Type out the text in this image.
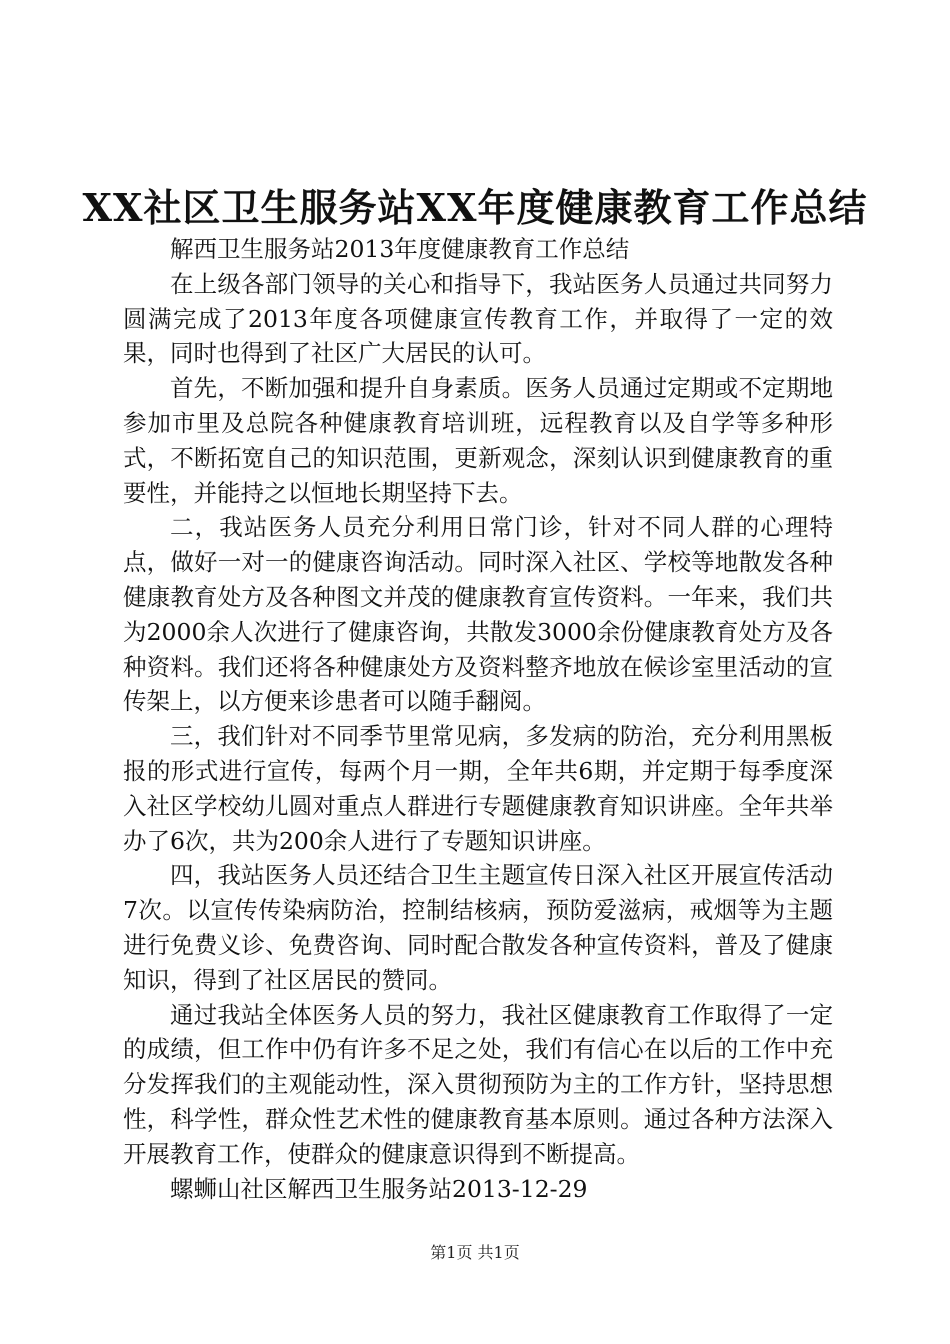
XX社区卫生服务站XX年度健康教育工作总结

解西卫生服务站2013年度健康教育工作总结

在上级各部门领导的关心和指导下，我站医务人员通过共同努力圆满完成了2013年度各项健康宣传教育工作，并取得了一定的效果，同时也得到了社区广大居民的认可。

首先，不断加强和提升自身素质。医务人员通过定期或不定期地参加市里及总院各种健康教育培训班，远程教育以及自学等多种形式，不断拓宽自己的知识范围，更新观念，深刻认识到健康教育的重要性，并能持之以恒地长期坚持下去。

二，我站医务人员充分利用日常门诊，针对不同人群的心理特点，做好一对一的健康咨询活动。同时深入社区、学校等地散发各种健康教育处方及各种图文并茂的健康教育宣传资料。一年来，我们共为2000余人次进行了健康咨询，共散发3000余份健康教育处方及各种资料。我们还将各种健康处方及资料整齐地放在候诊室里活动的宣传架上，以方便来诊患者可以随手翻阅。

三，我们针对不同季节里常见病，多发病的防治，充分利用黑板报的形式进行宣传，每两个月一期，全年共6期，并定期于每季度深入社区学校幼儿圆对重点人群进行专题健康教育知识讲座。全年共举办了6次，共为200余人进行了专题知识讲座。

四，我站医务人员还结合卫生主题宣传日深入社区开展宣传活动7次。以宣传传染病防治，控制结核病，预防爱滋病，戒烟等为主题进行免费义诊、免费咨询、同时配合散发各种宣传资料，普及了健康知识，得到了社区居民的赞同。

通过我站全体医务人员的努力，我社区健康教育工作取得了一定的成绩，但工作中仍有许多不足之处，我们有信心在以后的工作中充分发挥我们的主观能动性，深入贯彻预防为主的工作方针，坚持思想性，科学性，群众性艺术性的健康教育基本原则。通过各种方法深入开展教育工作，使群众的健康意识得到不断提高。

螺蛳山社区解西卫生服务站2013-12-29

第1页 共1页
